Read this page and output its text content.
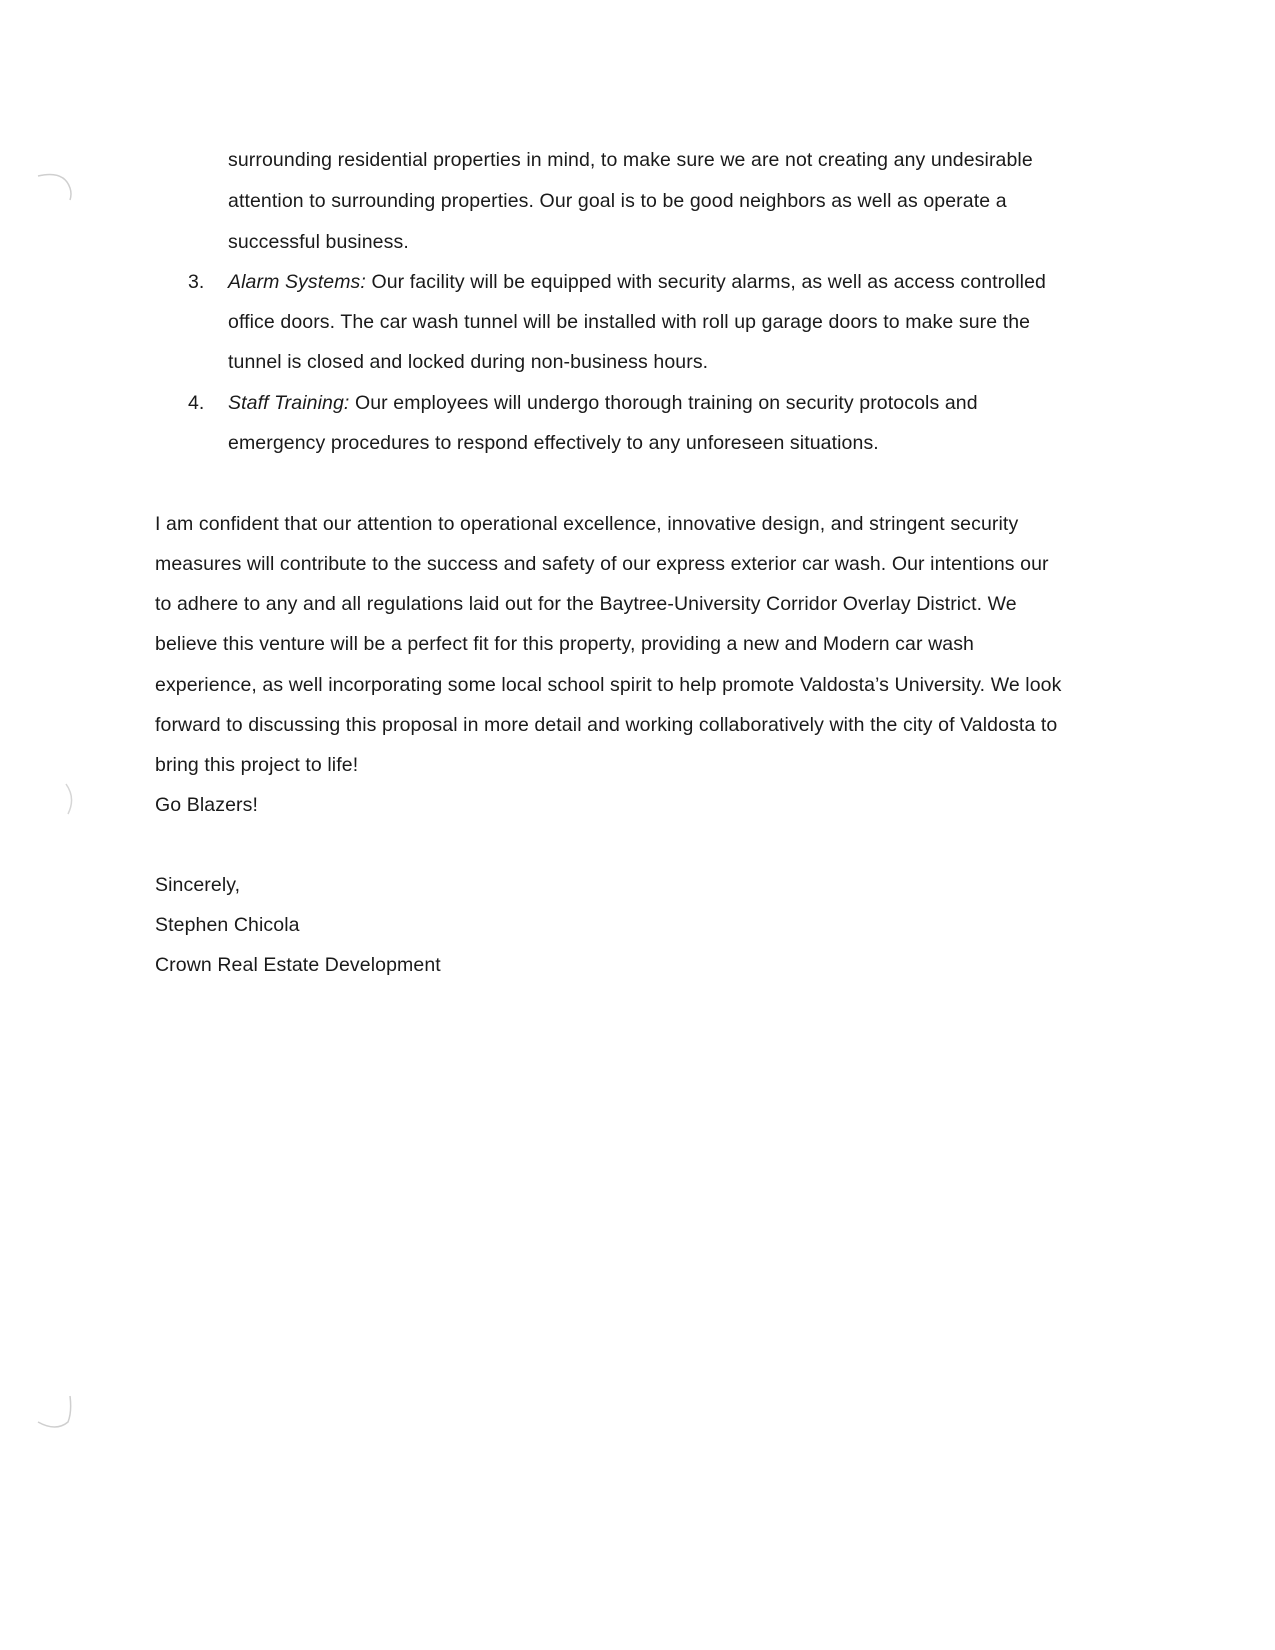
surrounding residential properties in mind, to make sure we are not creating any undesirable
attention to surrounding properties. Our goal is to be good neighbors as well as operate a
successful business.
3. Alarm Systems: Our facility will be equipped with security alarms, as well as access controlled
office doors. The car wash tunnel will be installed with roll up garage doors to make sure the
tunnel is closed and locked during non-business hours.
4. Staff Training: Our employees will undergo thorough training on security protocols and
emergency procedures to respond effectively to any unforeseen situations.
I am confident that our attention to operational excellence, innovative design, and stringent security
measures will contribute to the success and safety of our express exterior car wash. Our intentions our
to adhere to any and all regulations laid out for the Baytree-University Corridor Overlay District. We
believe this venture will be a perfect fit for this property, providing a new and Modern car wash
experience, as well incorporating some local school spirit to help promote Valdosta’s University. We look
forward to discussing this proposal in more detail and working collaboratively with the city of Valdosta to
bring this project to life!
Go Blazers!
Sincerely,
Stephen Chicola
Crown Real Estate Development
